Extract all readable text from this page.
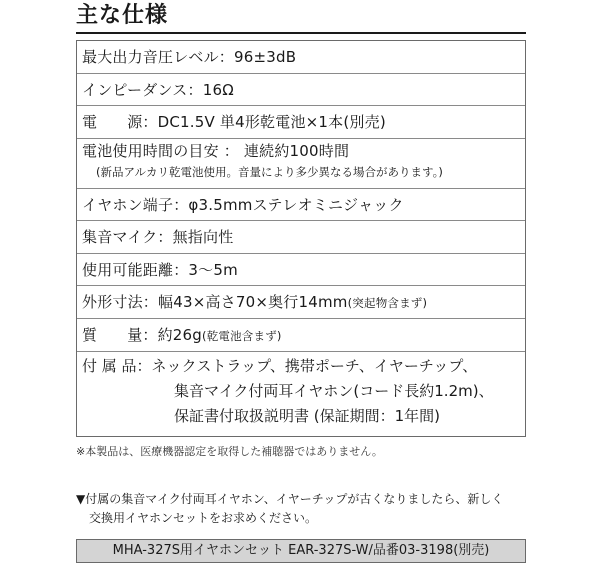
主な仕様
最大出力音圧レベル：96±3dB
インピーダンス：16Ω
電 源：DC1.5V 単4形乾電池×1本(別売)
電池使用時間の目安 ： 連続約100時間
(新品アルカリ乾電池使用。音量により多少異なる場合があります。)
イヤホン端子：φ3.5mmステレオミニジャック
集音マイク：無指向性
使用可能距離：3〜5m
外形寸法：幅43×高さ70×奥行14mm(突起物含まず)
質 量：約26g(乾電池含まず)
付 属 品：ネックストラップ、携帯ポーチ、イヤーチップ、
集音マイク付両耳イヤホン(コード長約1.2m)、
保証書付取扱説明書 (保証期間：1年間)
※本製品は、医療機器認定を取得した補聴器ではありません。
▼付属の集音マイク付両耳イヤホン、イヤーチップが古くなりましたら、新しく
交換用イヤホンセットをお求めください。
MHA-327S用イヤホンセット EAR-327S-W/品番03-3198(別売)
